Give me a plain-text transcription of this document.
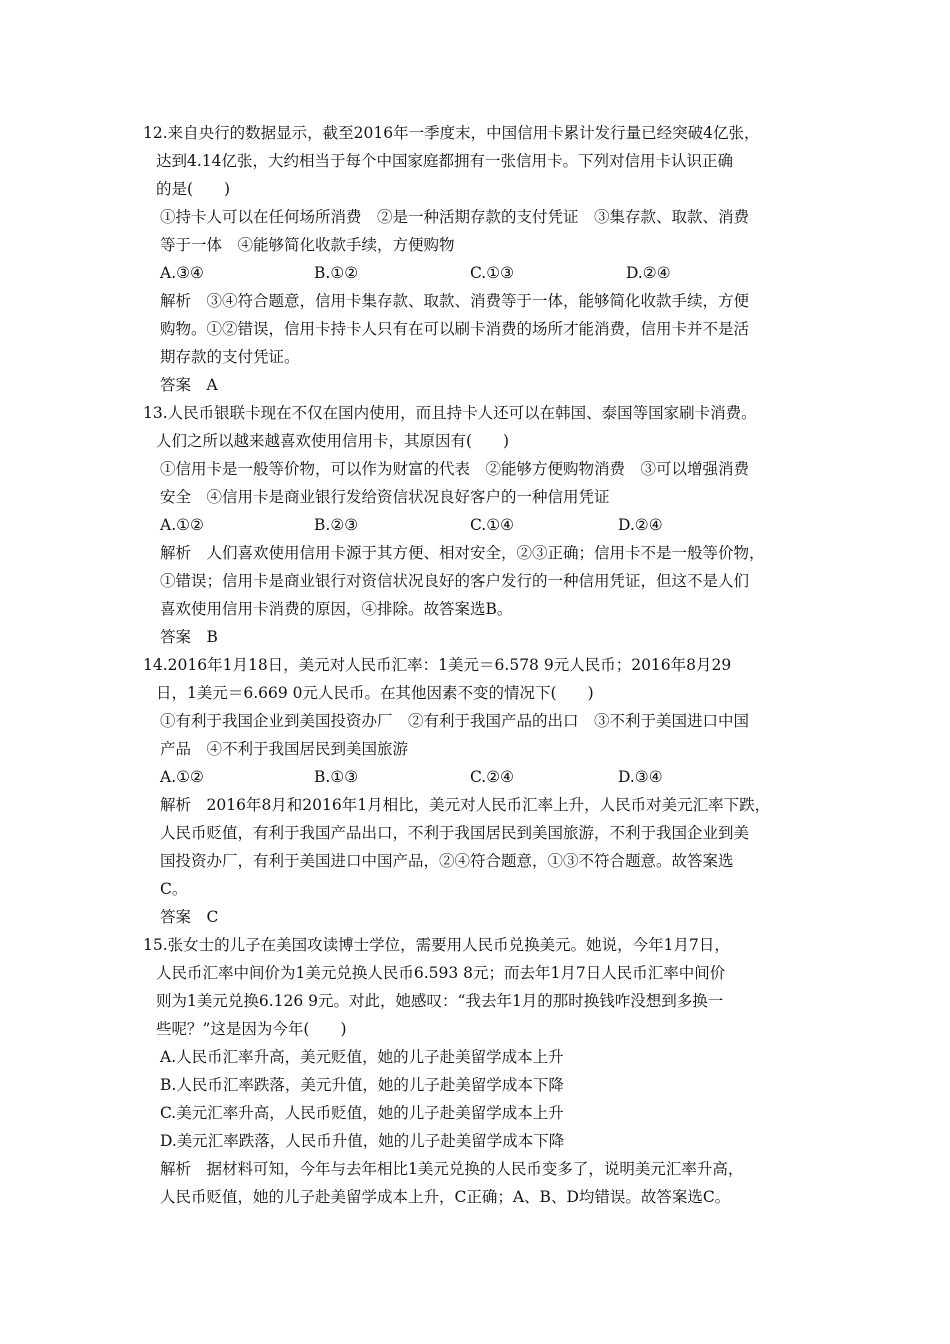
12.来自央行的数据显示，截至2016年一季度末，中国信用卡累计发行量已经突破4亿张，
达到4.14亿张，大约相当于每个中国家庭都拥有一张信用卡。下列对信用卡认识正确
的是(　　)
①持卡人可以在任何场所消费　②是一种活期存款的支付凭证　③集存款、取款、消费
等于一体　④能够简化收款手续，方便购物
A.③④	B.①②	C.①③	D.②④
解析　③④符合题意，信用卡集存款、取款、消费等于一体，能够简化收款手续，方便
购物。①②错误，信用卡持卡人只有在可以刷卡消费的场所才能消费，信用卡并不是活
期存款的支付凭证。
答案　A
13.人民币银联卡现在不仅在国内使用，而且持卡人还可以在韩国、泰国等国家刷卡消费。
人们之所以越来越喜欢使用信用卡，其原因有(　　)
①信用卡是一般等价物，可以作为财富的代表　②能够方便购物消费　③可以增强消费
安全　④信用卡是商业银行发给资信状况良好客户的一种信用凭证
A.①②	B.②③	C.①④	D.②④
解析　人们喜欢使用信用卡源于其方便、相对安全，②③正确；信用卡不是一般等价物，
①错误；信用卡是商业银行对资信状况良好的客户发行的一种信用凭证，但这不是人们
喜欢使用信用卡消费的原因，④排除。故答案选B。
答案　B
14.2016年1月18日，美元对人民币汇率：1美元＝6.578 9元人民币；2016年8月29
日，1美元＝6.669 0元人民币。在其他因素不变的情况下(　　)
①有利于我国企业到美国投资办厂　②有利于我国产品的出口　③不利于美国进口中国
产品　④不利于我国居民到美国旅游
A.①②	B.①③	C.②④	D.③④
解析　2016年8月和2016年1月相比，美元对人民币汇率上升，人民币对美元汇率下跌，
人民币贬值，有利于我国产品出口，不利于我国居民到美国旅游，不利于我国企业到美
国投资办厂，有利于美国进口中国产品，②④符合题意，①③不符合题意。故答案选
C。
答案　C
15.张女士的儿子在美国攻读博士学位，需要用人民币兑换美元。她说，今年1月7日，
人民币汇率中间价为1美元兑换人民币6.593 8元；而去年1月7日人民币汇率中间价
则为1美元兑换6.126 9元。对此，她感叹：“我去年1月的那时换钱咋没想到多换一
些呢？”这是因为今年(　　)
A.人民币汇率升高，美元贬值，她的儿子赴美留学成本上升
B.人民币汇率跌落，美元升值，她的儿子赴美留学成本下降
C.美元汇率升高，人民币贬值，她的儿子赴美留学成本上升
D.美元汇率跌落，人民币升值，她的儿子赴美留学成本下降
解析　据材料可知，今年与去年相比1美元兑换的人民币变多了，说明美元汇率升高，
人民币贬值，她的儿子赴美留学成本上升，C正确；A、B、D均错误。故答案选C。
